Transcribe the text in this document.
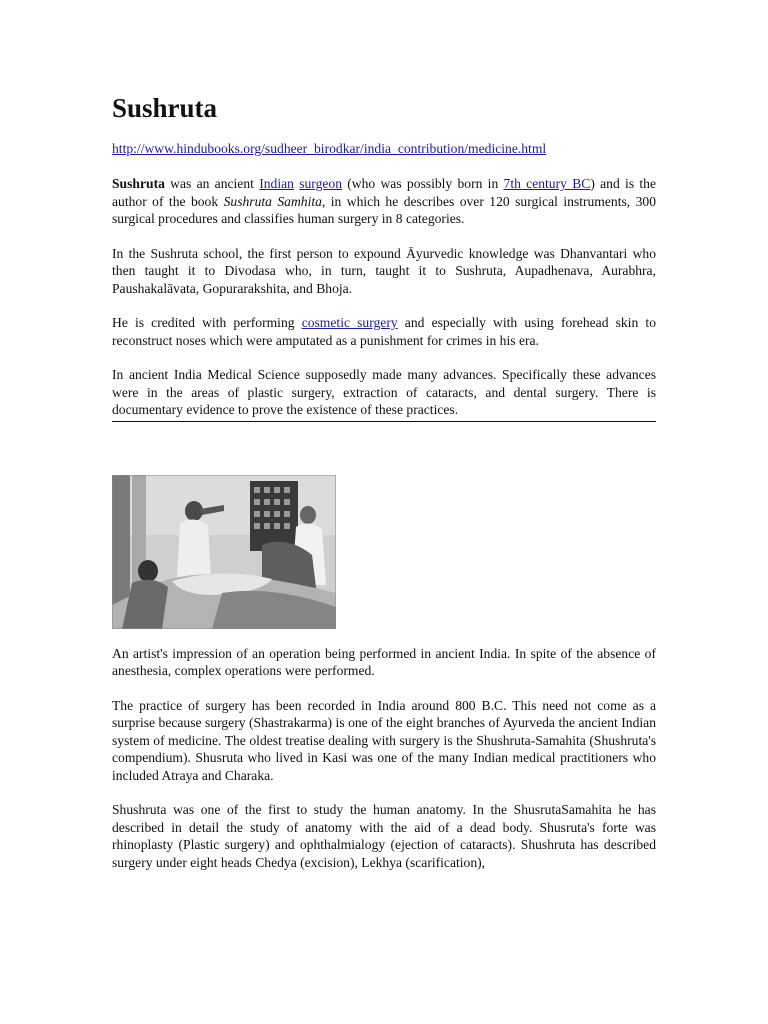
Sushruta
http://www.hindubooks.org/sudheer_birodkar/india_contribution/medicine.html

Sushruta was an ancient Indian surgeon (who was possibly born in 7th century BC) and is the author of the book Sushruta Samhita, in which he describes over 120 surgical instruments, 300 surgical procedures and classifies human surgery in 8 categories.

In the Sushruta school, the first person to expound Āyurvedic knowledge was Dhanvantari who then taught it to Divodasa who, in turn, taught it to Sushruta, Aupadhenava, Aurabhra, Paushakalāvata, Gopurarakshita, and Bhoja.

He is credited with performing cosmetic surgery and especially with using forehead skin to reconstruct noses which were amputated as a punishment for crimes in his era.

In ancient India Medical Science supposedly made many advances. Specifically these advances were in the areas of plastic surgery, extraction of cataracts, and dental surgery. There is documentary evidence to prove the existence of these practices.

An artist's impression of an operation being performed in ancient India. In spite of the absence of anesthesia, complex operations were performed.

The practice of surgery has been recorded in India around 800 B.C. This need not come as a surprise because surgery (Shastrakarma) is one of the eight branches of Ayurveda the ancient Indian system of medicine. The oldest treatise dealing with surgery is the Shushruta-Samahita (Shushruta's compendium). Shusruta who lived in Kasi was one of the many Indian medical practitioners who included Atraya and Charaka.

Shushruta was one of the first to study the human anatomy. In the ShusrutaSamahita he has described in detail the study of anatomy with the aid of a dead body. Shusruta's forte was rhinoplasty (Plastic surgery) and ophthalmialogy (ejection of cataracts). Shushruta has described surgery under eight heads Chedya (excision), Lekhya (scarification),
